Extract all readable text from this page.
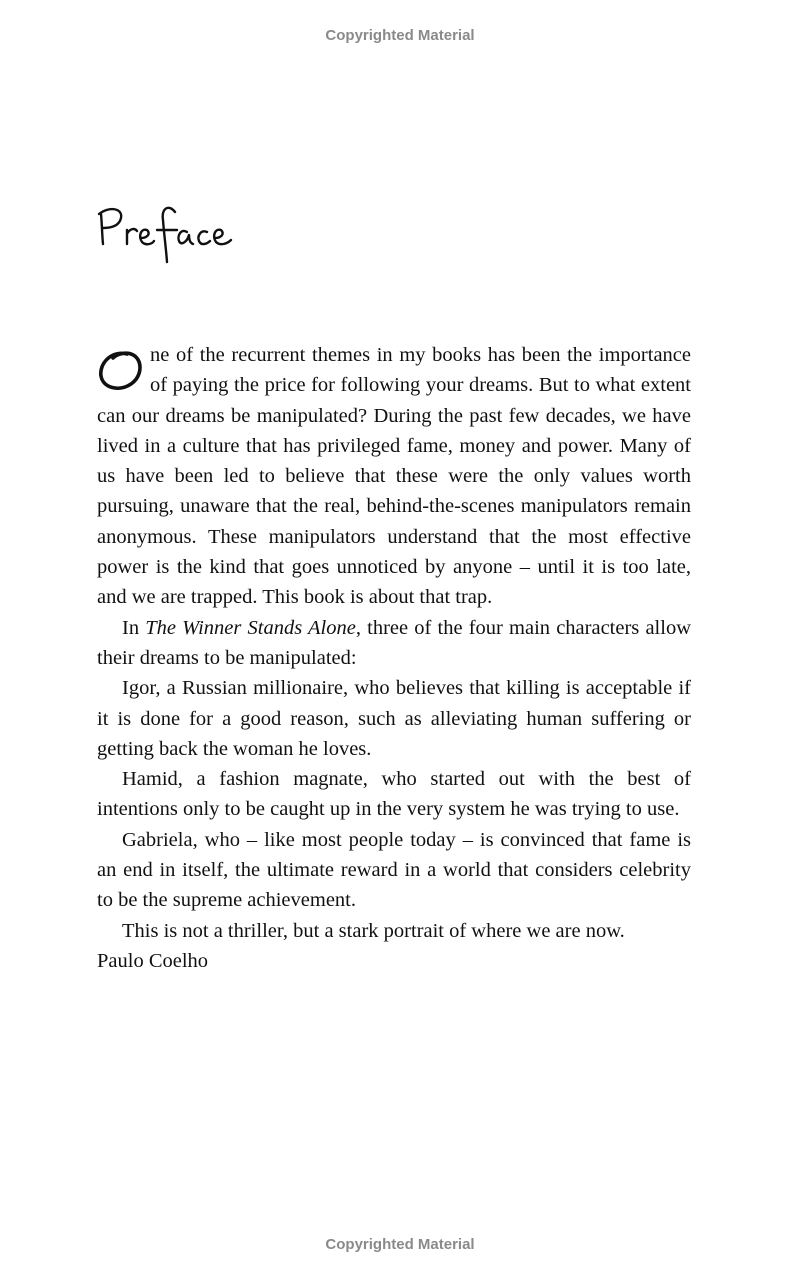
Copyrighted Material

ne of the recurrent themes in my books has been the importance of paying the price for following your dreams. But to what extent can our dreams be manipulated? During the past few decades, we have lived in a culture that has privileged fame, money and power. Many of us have been led to believe that these were the only values worth pursuing, unaware that the real, behind-the-scenes manipulators remain anonymous. These manipulators understand that the most effective power is the kind that goes unnoticed by anyone – until it is too late, and we are trapped. This book is about that trap.

In The Winner Stands Alone, three of the four main characters allow their dreams to be manipulated:

Igor, a Russian millionaire, who believes that killing is acceptable if it is done for a good reason, such as alleviating human suffering or getting back the woman he loves.

Hamid, a fashion magnate, who started out with the best of intentions only to be caught up in the very system he was trying to use.

Gabriela, who – like most people today – is convinced that fame is an end in itself, the ultimate reward in a world that considers celebrity to be the supreme achievement.

This is not a thriller, but a stark portrait of where we are now.

Paulo Coelho

Copyrighted Material
